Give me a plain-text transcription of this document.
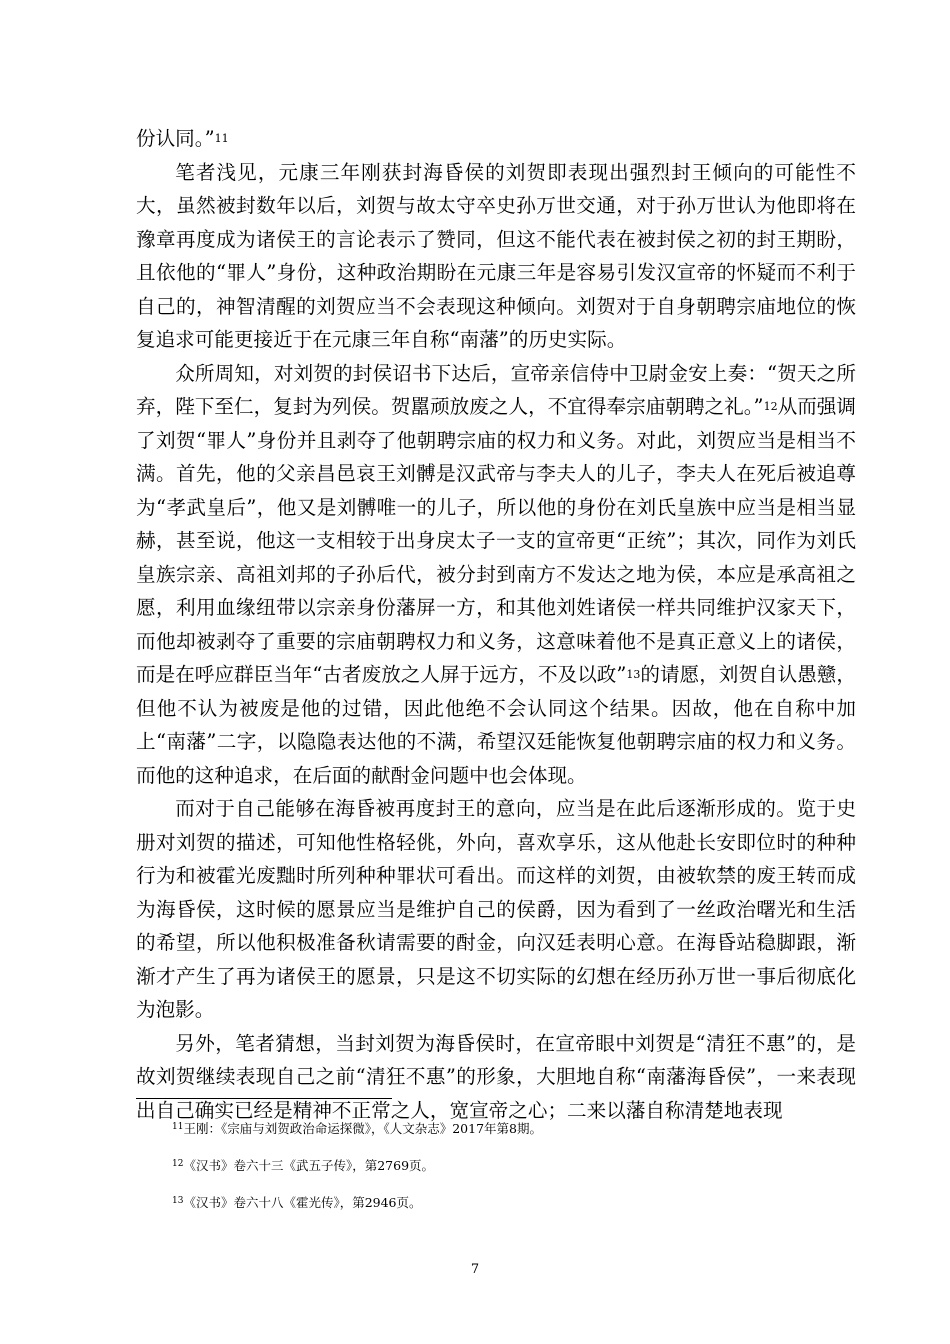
份认同。”$^{11}$

笔者浅见，元康三年刚获封海昏侯的刘贺即表现出强烈封王倾向的可能性不大，虽然被封数年以后，刘贺与故太守卒史孙万世交通，对于孙万世认为他即将在豫章再度成为诸侯王的言论表示了赞同，但这不能代表在被封侯之初的封王期盼，且依他的“罪人”身份，这种政治期盼在元康三年是容易引发汉宣帝的怀疑而不利于自己的，神智清醒的刘贺应当不会表现这种倾向。刘贺对于自身朝聘宗庙地位的恢复追求可能更接近于在元康三年自称“南藩”的历史实际。

众所周知，对刘贺的封侯诏书下达后，宣帝亲信侍中卫尉金安上奏：“贺天之所弃，陛下至仁，复封为列侯。贺嚚顽放废之人，不宜得奉宗庙朝聘之礼。”$^{12}$从而强调了刘贺“罪人”身份并且剥夺了他朝聘宗庙的权力和义务。对此，刘贺应当是相当不满。首先，他的父亲昌邑哀王刘髆是汉武帝与李夫人的儿子，李夫人在死后被追尊为“孝武皇后”，他又是刘髆唯一的儿子，所以他的身份在刘氏皇族中应当是相当显赫，甚至说，他这一支相较于出身戾太子一支的宣帝更“正统”；其次，同作为刘氏皇族宗亲、高祖刘邦的子孙后代，被分封到南方不发达之地为侯，本应是承高祖之愿，利用血缘纽带以宗亲身份藩屏一方，和其他刘姓诸侯一样共同维护汉家天下，而他却被剥夺了重要的宗庙朝聘权力和义务，这意味着他不是真正意义上的诸侯，而是在呼应群臣当年“古者废放之人屏于远方，不及以政”$^{13}$的请愿，刘贺自认愚戆，但他不认为被废是他的过错，因此他绝不会认同这个结果。因故，他在自称中加上“南藩”二字，以隐隐表达他的不满，希望汉廷能恢复他朝聘宗庙的权力和义务。而他的这种追求，在后面的献酎金问题中也会体现。

而对于自己能够在海昏被再度封王的意向，应当是在此后逐渐形成的。览于史册对刘贺的描述，可知他性格轻佻，外向，喜欢享乐，这从他赴长安即位时的种种行为和被霍光废黜时所列种种罪状可看出。而这样的刘贺，由被软禁的废王转而成为海昏侯，这时候的愿景应当是维护自己的侯爵，因为看到了一丝政治曙光和生活的希望，所以他积极准备秋请需要的酎金，向汉廷表明心意。在海昏站稳脚跟，渐渐才产生了再为诸侯王的愿景，只是这不切实际的幻想在经历孙万世一事后彻底化为泡影。

另外，笔者猜想，当封刘贺为海昏侯时，在宣帝眼中刘贺是“清狂不惠”的，是故刘贺继续表现自己之前“清狂不惠”的形象，大胆地自称“南藩海昏侯”，一来表现出自己确实已经是精神不正常之人，宽宣帝之心；二来以藩自称清楚地表现

$^{11}$王刚：《宗庙与刘贺政治命运探微》，《人文杂志》2017年第8期。

$^{12}$《汉书》卷六十三《武五子传》，第2769页。

$^{13}$《汉书》卷六十八《霍光传》，第2946页。

7
